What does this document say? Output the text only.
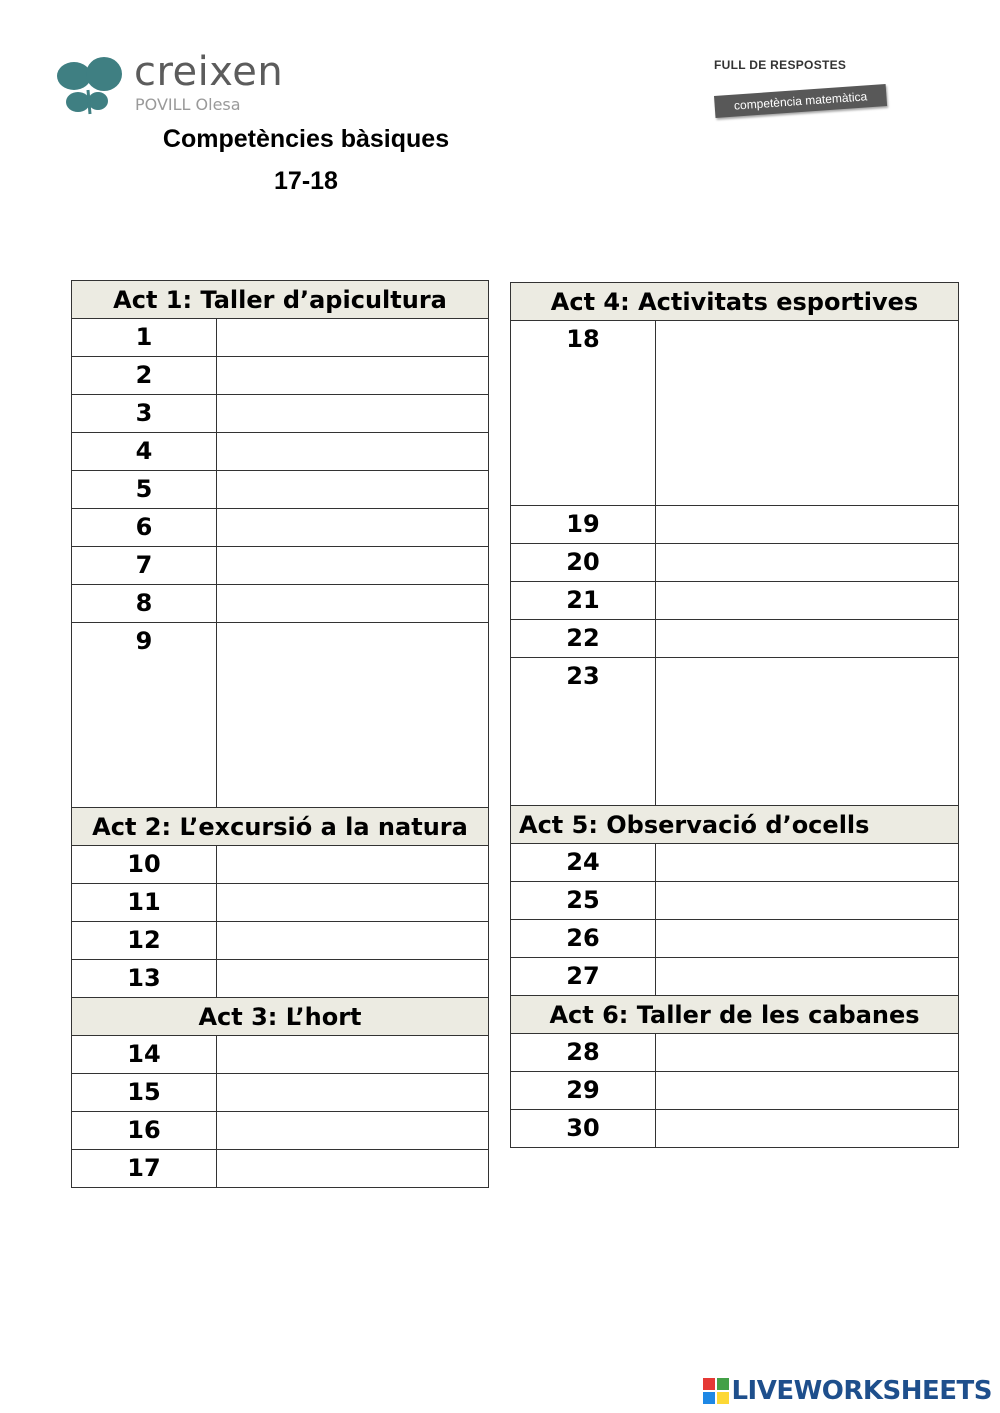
creixen
POVILL Olesa
Competències bàsiques
17-18
FULL DE RESPOSTES
competència matemàtica
Act 1: Taller d’apicultura	
1	
2	
3	
4	
5	
6	
7	
8	
9	
Act 2: L’excursió a la natura	
10	
11	
12	
13	
Act 3: L’hort	
14	
15	
16	
17	
Act 4: Activitats esportives	
18	
19	
20	
21	
22	
23	
Act 5: Observació d’ocells	
24	
25	
26	
27	
Act 6: Taller de les cabanes	
28	
29	
30	
LIVEWORKSHEETS
